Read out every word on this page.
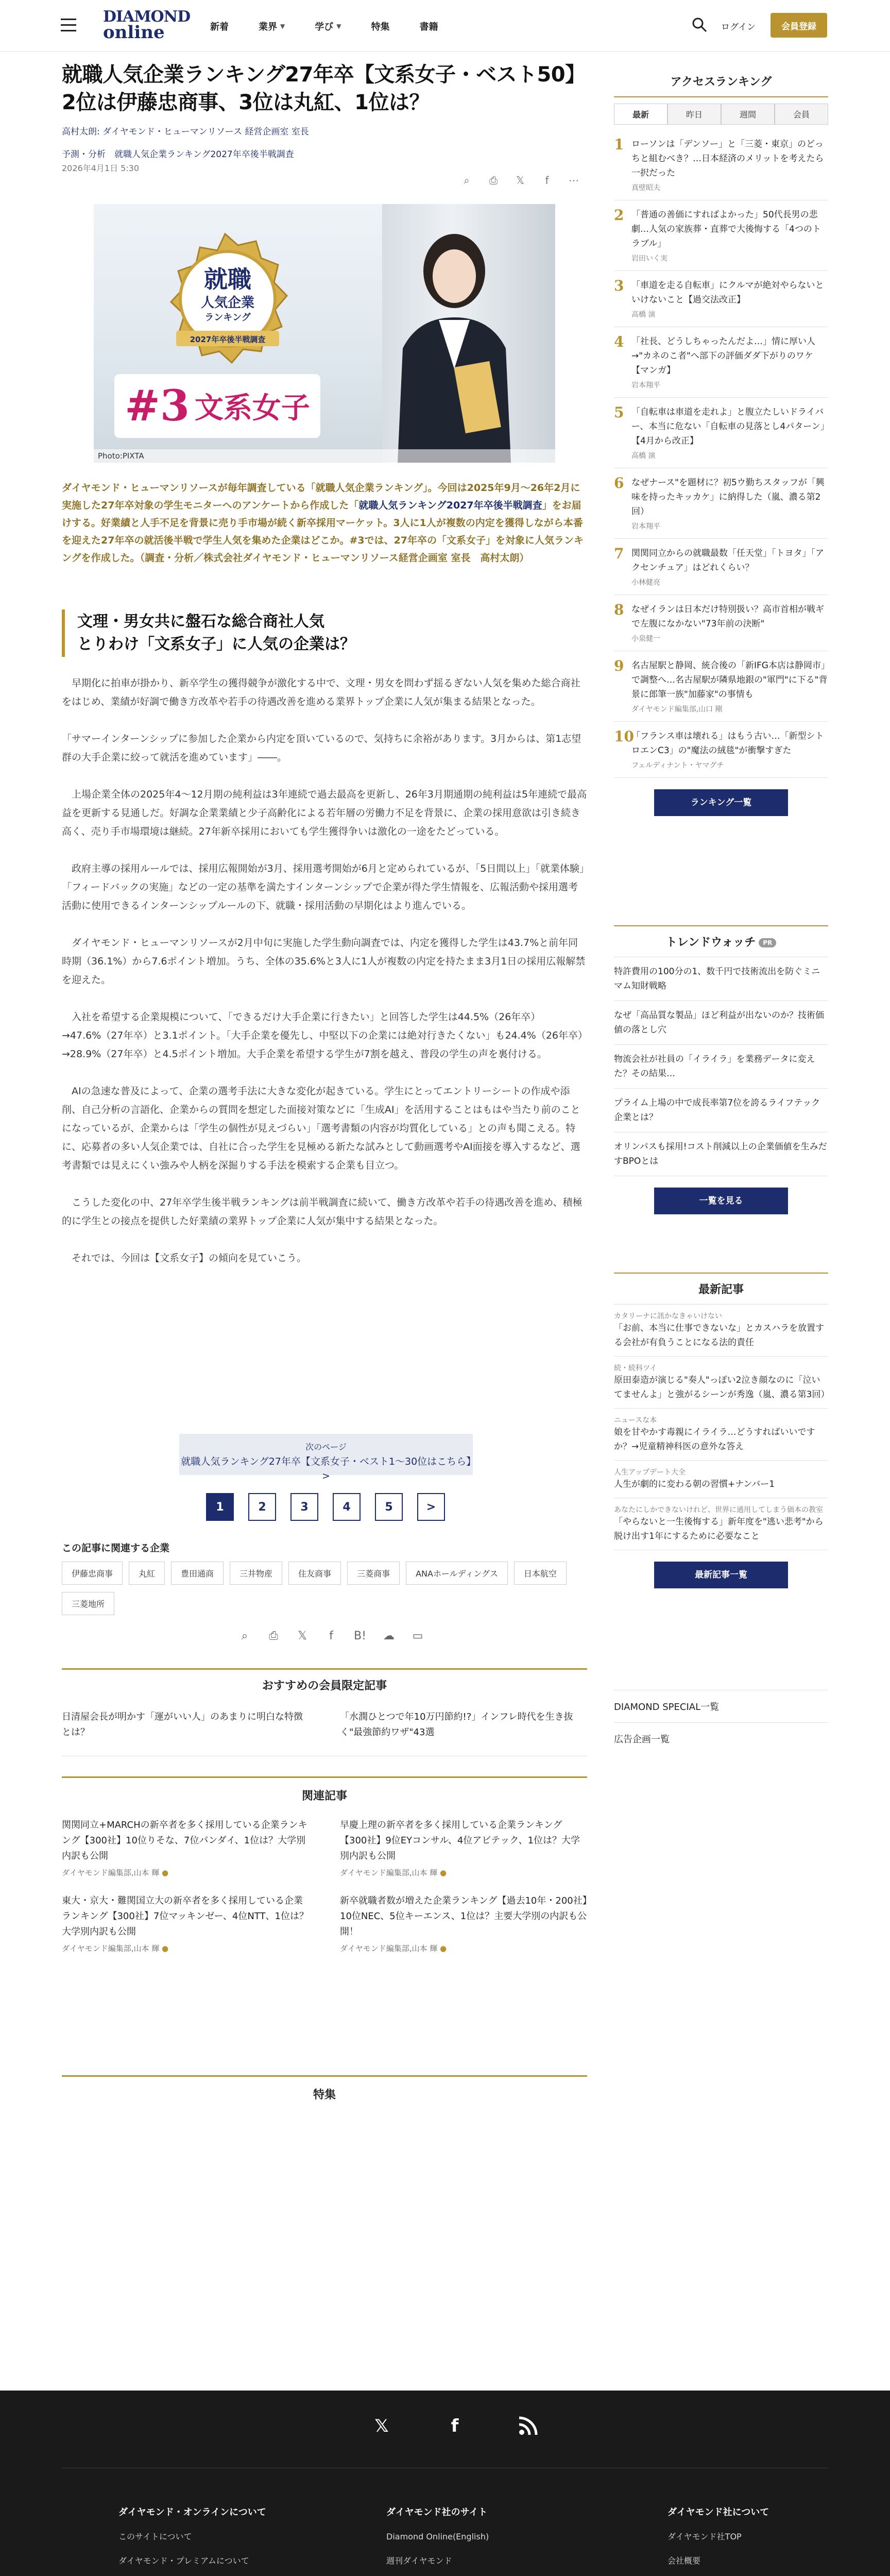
DIAMOND
online	新着	業界 ▼	学び ▼	特集	書籍	ログイン	会員登録
就職人気企業ランキング27年卒【文系女子・ベスト50】2位は伊藤忠商事、3位は丸紅、1位は？
高村太朗: ダイヤモンド・ヒューマンリソース 経営企画室 室長
予測・分析　就職人気企業ランキング2027年卒後半戦調査
2026年4月1日 5:30
⌕	⎙	𝕏	f	⋯
就職
人気企業
ランキング
2027年卒後半戦調査
#3 文系女子
Photo:PIXTA
ダイヤモンド・ヒューマンリソースが毎年調査している「就職人気企業ランキング」。今回は2025年9月〜26年2月に実施した27年卒対象の学生モニターへのアンケートから作成した「就職人気ランキング2027年卒後半戦調査」をお届けする。好業績と人手不足を背景に売り手市場が続く新卒採用マーケット。3人に1人が複数の内定を獲得しながら本番を迎えた27年卒の就活後半戦で学生人気を集めた企業はどこか。#3では、27年卒の「文系女子」を対象に人気ランキングを作成した。（調査・分析／株式会社ダイヤモンド・ヒューマンリソース経営企画室 室長　高村太朗）
文理・男女共に盤石な総合商社人気
とりわけ「文系女子」に人気の企業は？

早期化に拍車が掛かり、新卒学生の獲得競争が激化する中で、文理・男女を問わず揺るぎない人気を集めた総合商社をはじめ、業績が好調で働き方改革や若手の待遇改善を進める業界トップ企業に人気が集まる結果となった。

「サマーインターンシップに参加した企業から内定を頂いているので、気持ちに余裕があります。3月からは、第1志望群の大手企業に絞って就活を進めています」――。

上場企業全体の2025年4〜12月期の純利益は3年連続で過去最高を更新し、26年3月期通期の純利益は5年連続で最高益を更新する見通しだ。好調な企業業績と少子高齢化による若年層の労働力不足を背景に、企業の採用意欲は引き続き高く、売り手市場環境は継続。27年新卒採用においても学生獲得争いは激化の一途をたどっている。

政府主導の採用ルールでは、採用広報開始が3月、採用選考開始が6月と定められているが、「5日間以上」「就業体験」「フィードバックの実施」などの一定の基準を満たすインターンシップで企業が得た学生情報を、広報活動や採用選考活動に使用できるインターンシップルールの下、就職・採用活動の早期化はより進んでいる。

ダイヤモンド・ヒューマンリソースが2月中旬に実施した学生動向調査では、内定を獲得した学生は43.7%と前年同時期（36.1%）から7.6ポイント増加。うち、全体の35.6%と3人に1人が複数の内定を持たまま3月1日の採用広報解禁を迎えた。

入社を希望する企業規模について、「できるだけ大手企業に行きたい」と回答した学生は44.5%（26年卒）→47.6%（27年卒）と3.1ポイント。「大手企業を優先し、中堅以下の企業には絶対行きたくない」も24.4%（26年卒）→28.9%（27年卒）と4.5ポイント増加。大手企業を希望する学生が7割を越え、普段の学生の声を裏付ける。

AIの急速な普及によって、企業の選考手法に大きな変化が起きている。学生にとってエントリーシートの作成や添削、自己分析の言語化、企業からの質問を想定した面接対策などに「生成AI」を活用することはもはや当たり前のことになっているが、企業からは「学生の個性が見えづらい」「選考書類の内容が均質化している」との声も聞こえる。特に、応募者の多い人気企業では、自社に合った学生を見極める新たな試みとして動画選考やAI面接を導入するなど、選考書類では見えにくい強みや人柄を深掘りする手法を模索する企業も目立つ。

こうした変化の中、27年卒学生後半戦ランキングは前半戦調査に続いて、働き方改革や若手の待遇改善を進め、積極的に学生との接点を提供した好業績の業界トップ企業に人気が集中する結果となった。

それでは、今回は【文系女子】の傾向を見ていこう。

次のページ
就職人気ランキング27年卒【文系女子・ベスト1〜30位はこちら】>
1	2	3	4	5	>
この記事に関連する企業
伊藤忠商事	丸紅	豊田通商	三井物産	住友商事	三菱商事	ANAホールディングス	日本航空
三菱地所
⌕	⎙	𝕏	f	B! ☁ ▭
おすすめの会員限定記事
日清屋会長が明かす「運がいい人」のあまりに明白な特徴とは？
「水潤ひとつで年10万円節約!?」インフレ時代を生き抜く"最強節約ワザ"43選
関連記事
関関同立+MARCHの新卒者を多く採用している企業ランキング【300社】10位りそな、7位パンダイ、1位は？大学別内訳も公開
ダイヤモンド編集部,山本 輝 ●
早慶上理の新卒者を多く採用している企業ランキング【300社】9位EYコンサル、4位アビテック、1位は？大学別内訳も公開
ダイヤモンド編集部,山本 輝 ●
東大・京大・難関国立大の新卒者を多く採用している企業ランキング【300社】7位マッキンゼー、4位NTT、1位は？大学別内訳も公開
ダイヤモンド編集部,山本 輝 ●
新卒就職者数が増えた企業ランキング【過去10年・200社】10位NEC、5位キーエンス、1位は？主要大学別の内訳も公開！
ダイヤモンド編集部,山本 輝 ●
特集
アクセスランキング
最新	昨日	週間	会員
1 ローソンは「デンソー」と「三菱・東京」のどっちと組むべき？…日本経済のメリットを考えたら一択だった
真壁昭夫
2 「普通の善価にすればよかった」50代長男の悲劇…人気の家族葬・直葬で大後悔する「4つのトラブル」
岩田いく実
3 「車道を走る自転車」にクルマが絶対やらないといけないこと【過交法改正】
高橋 演
4 「社長、どうしちゃったんだよ…」情に厚い人→"カネのこ者"へ部下の評価ダダ下がりのワケ【マンガ】
岩本翔平
5 「自転車は車道を走れよ」と腹立たしいドライバー、本当に危ない「自転車の見落とし4パターン」【4月から改正】
高橋 演
6 なぜナース"を題材に？初5ウ勤ちスタッフが「興味を持ったキッカケ」に納得した（嵐、濃る第2回）
岩本翔平
7 関関同立からの就職最数「任天堂」「トヨタ」「アクセンチュア」はどれくらい？
小林健亮
8 なぜイランは日本だけ特別扱い？高市首相が戦ギで左腹になかない"73年前の決断"
小泉健一
9 名古屋駅と静岡、統合後の「新IFG本店は静岡市」で調整へ…名古屋駅が隣県地銀の"軍門"に下る"背景に郎筆一族"加藤家"の事情も
ダイヤモンド編集部,山口 剛
10
「フランス車は壊れる」はもう古い…「新型シトロエンC3」の"魔法の絨毯"が衝撃すぎた
フェルディナント・ヤマグチ
ランキング一覧
トレンドウォッチ PR
特許費用の100分の1、数千円で技術流出を防ぐミニマム知財戦略
なぜ「高品質な製品」ほど利益が出ないのか？技術価値の落とし穴
物流会社が社員の「イライラ」を業務データに変えた？その結果…
プライム上場の中で成長率第7位を誇るライフテック企業とは？
オリンパスも採用!コスト削減以上の企業価値を生みだすBPOとは
一覧を見る
最新記事
カタリーナに訊かなきゃいけない
「お前、本当に仕事できないな」とカスハラを放置する会社が有負うことになる法的責任
続・続科ツイ
原田泰造が演じる"奏人"っぽい2泣き顔なのに「泣いてませんよ」と強がるシーンが秀逸（嵐、濃る第3回）
ニュースな本
娘を甘やかす毒親にイライラ…どうすればいいですか？→児童精神科医の意外な答え
人生アップデート大全
人生が劇的に変わる朝の習慣+ナンバー1
あなたにしかできないけれど、世界に通用してしまう価本の教室
「やらないと一生後悔する」新年度を"逃い悲考"から脱け出す1年にするために必要なこと
最新記事一覧
DIAMOND SPECIAL一覧
広告企画一覧
𝕏	f
ダイヤモンド・オンラインについて
このサイトについて
ダイヤモンド・プレミアムについて
ダイヤモンド社のサイト
Diamond Online(English)
週刊ダイヤモンド
ダイヤモンド社について
ダイヤモンド社TOP
会社概要
